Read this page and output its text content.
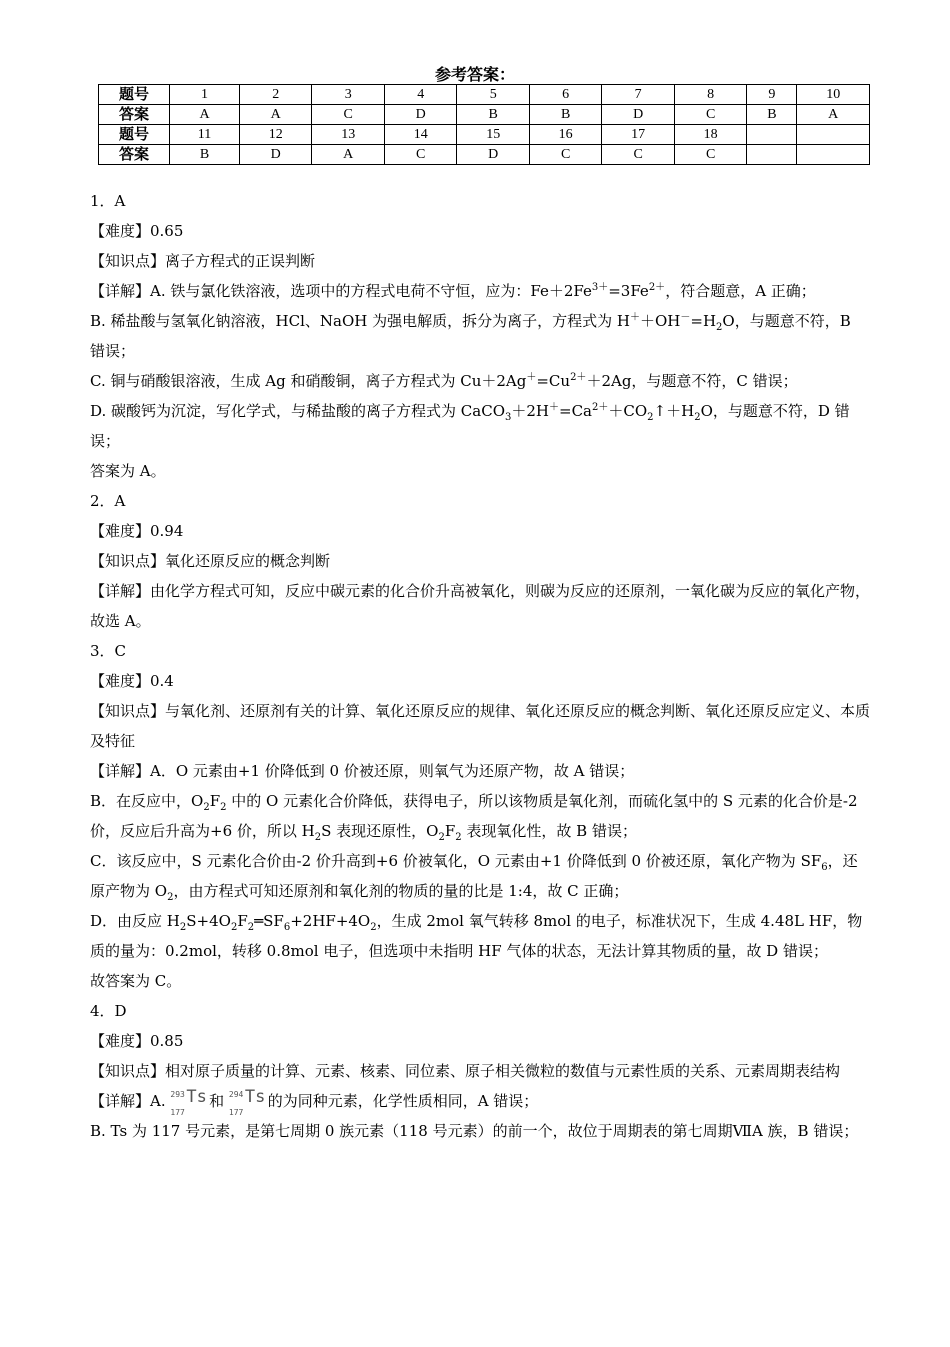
参考答案：
题号	1	2	3	4	5	6	7	8	9	10
答案	A	A	C	D	B	B	D	C	B	A
题号	11	12	13	14	15	16	17	18		
答案	B	D	A	C	D	C	C	C		

1．A

【难度】0.65

【知识点】离子方程式的正误判断

【详解】A. 铁与氯化铁溶液，选项中的方程式电荷不守恒，应为：$Fe+2Fe^{3+}=3Fe^{2+}$，符合题意，A 正确；

B. 稀盐酸与氢氧化钠溶液，HCl、NaOH 为强电解质，拆分为离子，方程式为 $H^++OH^-=H_2O$，与题意不符，B 错误；

C. 铜与硝酸银溶液，生成 Ag 和硝酸铜，离子方程式为 $Cu+2Ag^+=Cu^{2+}+2Ag$，与题意不符，C 错误；

D. 碳酸钙为沉淀，写化学式，与稀盐酸的离子方程式为 $CaCO_3+2H^+=Ca^{2+}+CO_2↑+H_2O$，与题意不符，D 错误；

答案为 A。

2．A

【难度】0.94

【知识点】氧化还原反应的概念判断

【详解】由化学方程式可知，反应中碳元素的化合价升高被氧化，则碳为反应的还原剂，一氧化碳为反应的氧化产物，故选 A。

3．C

【难度】0.4

【知识点】与氧化剂、还原剂有关的计算、氧化还原反应的规律、氧化还原反应的概念判断、氧化还原反应定义、本质及特征

【详解】A．O 元素由+1 价降低到 0 价被还原，则氧气为还原产物，故 A 错误；

B．在反应中，$O_2F_2$ 中的 O 元素化合价降低，获得电子，所以该物质是氧化剂，而硫化氢中的 S 元素的化合价是-2 价，反应后升高为+6 价，所以 $H_2S$ 表现还原性，$O_2F_2$ 表现氧化性，故 B 错误；

C．该反应中，S 元素化合价由-2 价升高到+6 价被氧化，O 元素由+1 价降低到 0 价被还原，氧化产物为 $SF_6$，还原产物为 $O_2$，由方程式可知还原剂和氧化剂的物质的量的比是 1:4，故 C 正确；

D．由反应 $H_2S+4O_2F_2═SF_6+2HF+4O_2$，生成 2mol 氧气转移 8mol 的电子，标准状况下，生成 4.48L HF，物质的量为：0.2mol，转移 0.8mol 电子，但选项中未指明 HF 气体的状态，无法计算其物质的量，故 D 错误；

故答案为 C。

4．D

【难度】0.85

【知识点】相对原子质量的计算、元素、核素、同位素、原子相关微粒的数值与元素性质的关系、元素周期表结构

【详解】A. 293
177
Ts
和 294
177
Ts
的为同种元素，化学性质相同，A 错误；

B. Ts 为 117 号元素，是第七周期 0 族元素（118 号元素）的前一个，故位于周期表的第七周期ⅦA 族，B 错误；
